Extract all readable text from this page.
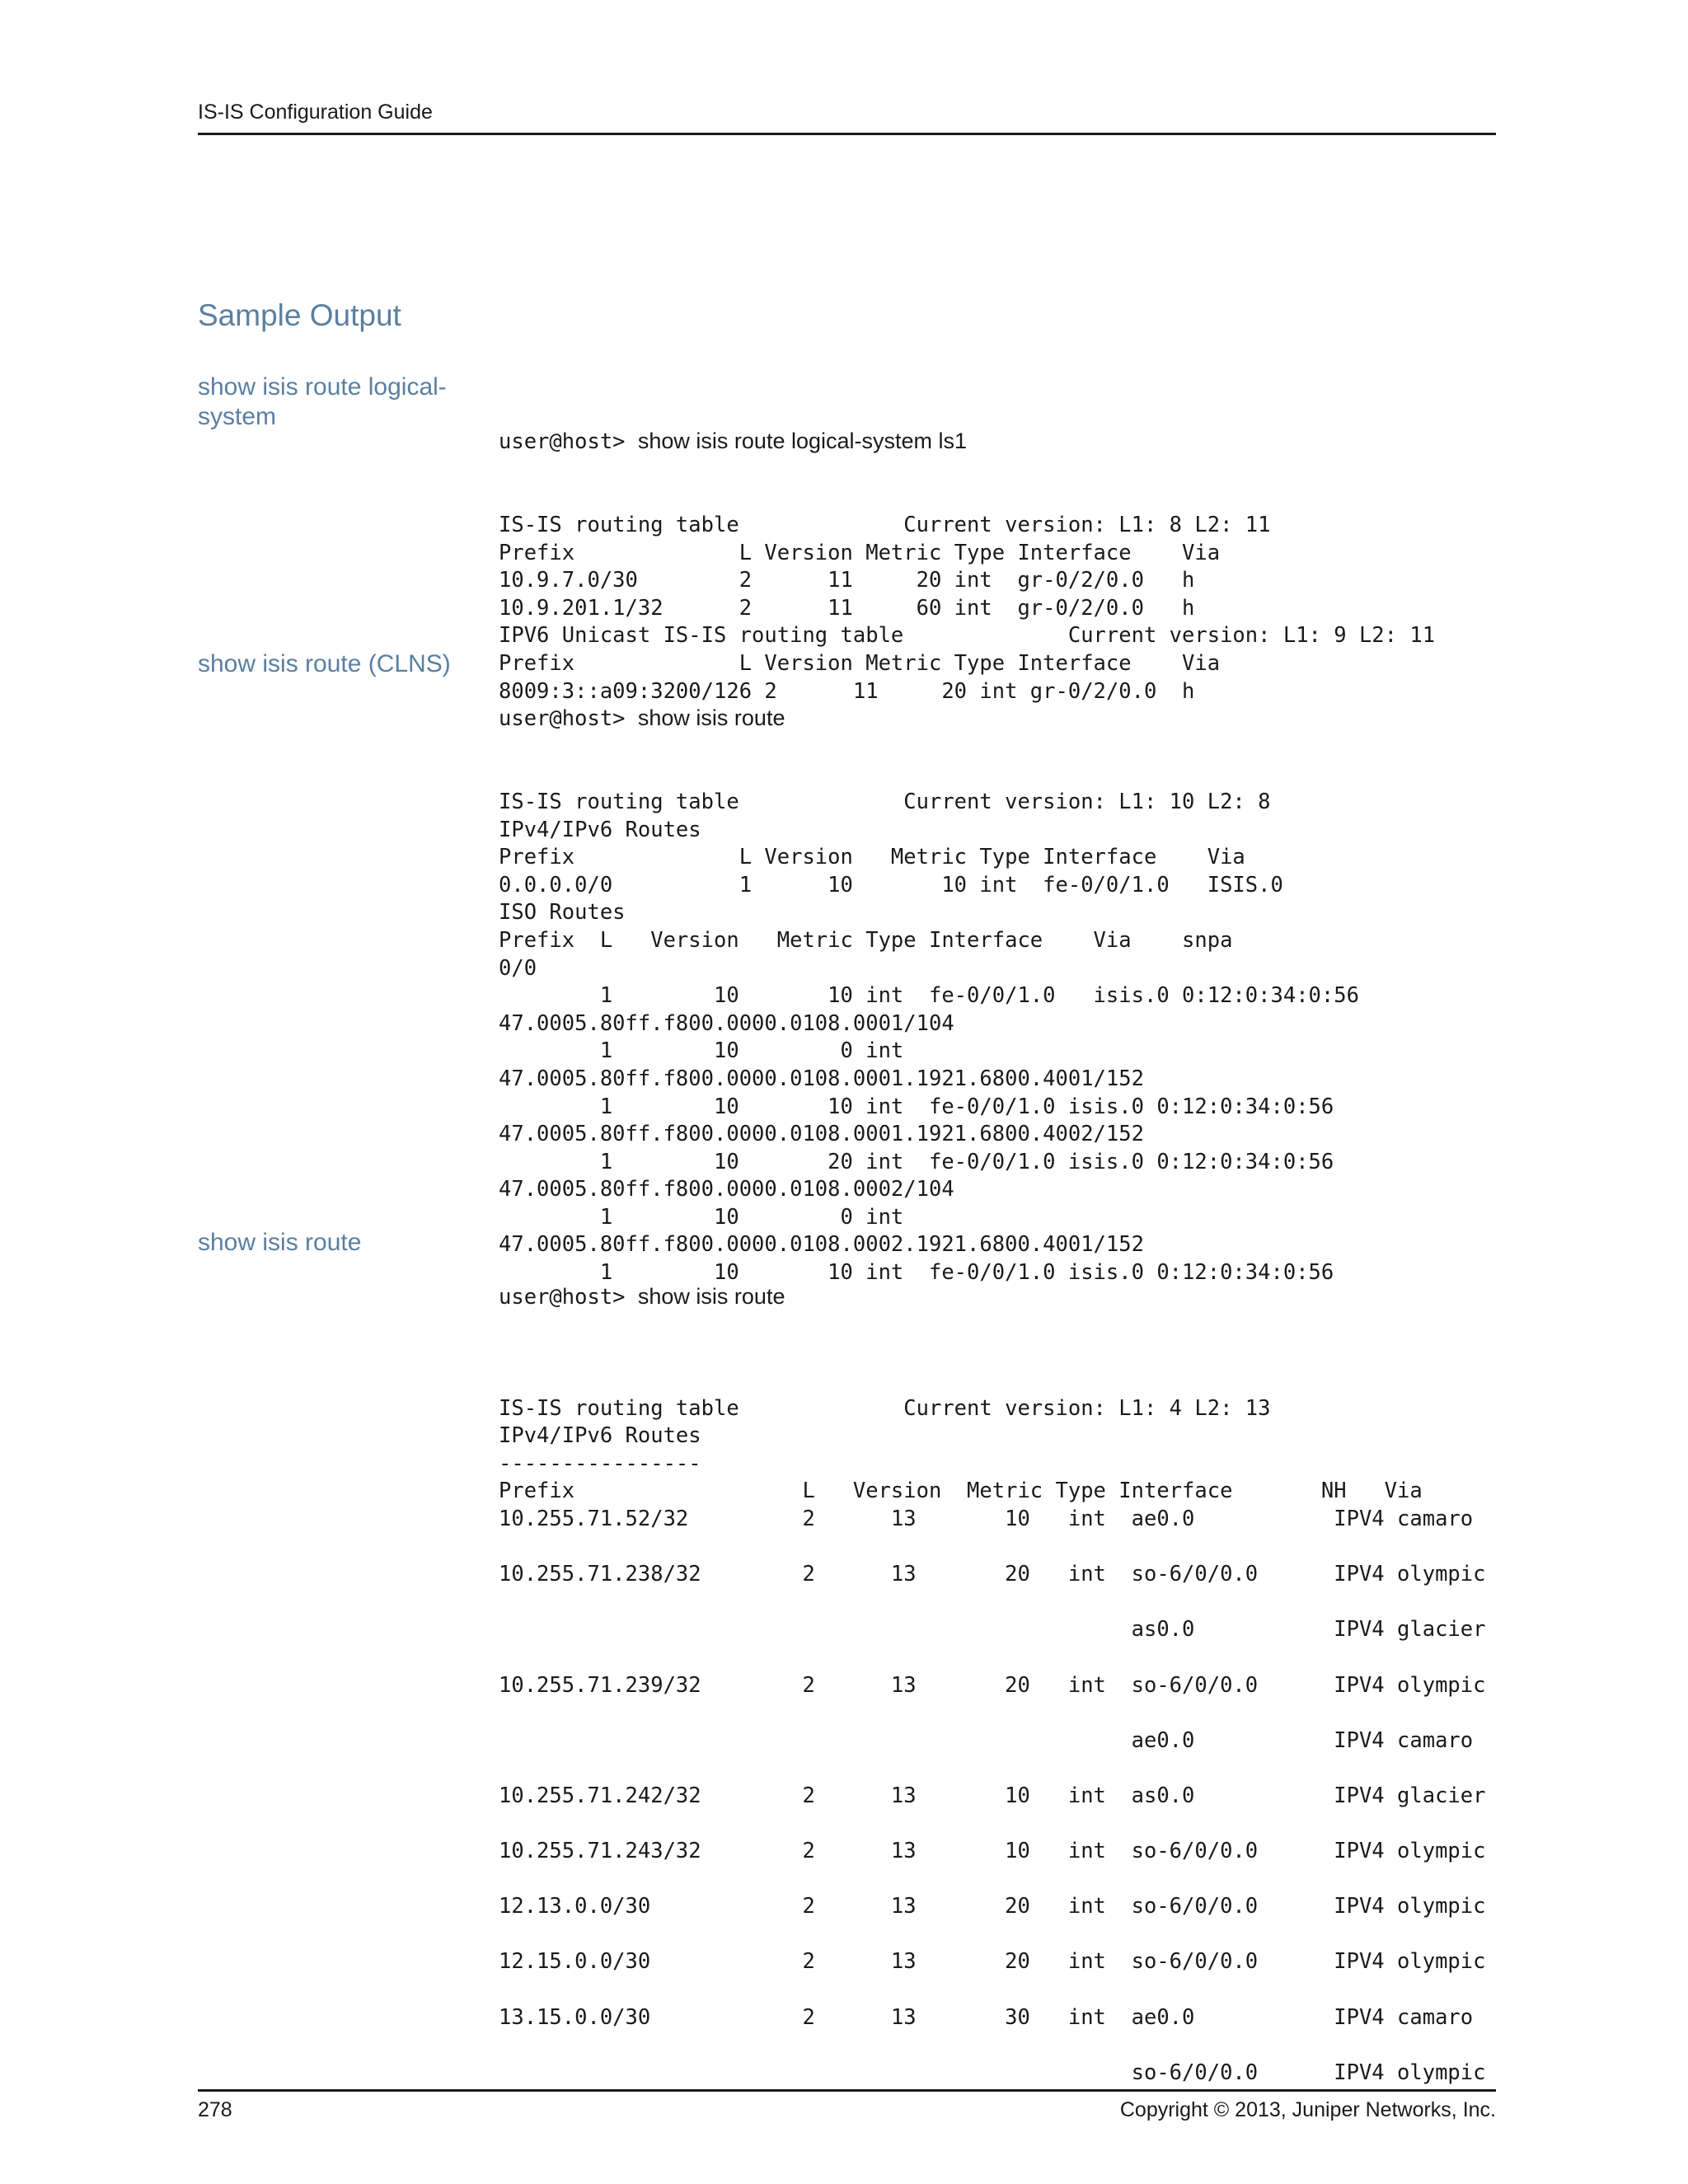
IS-IS Configuration Guide
Sample Output
show isis route logical-system

user@host> show isis route logical-system ls1

IS-IS routing table             Current version: L1: 8 L2: 11
Prefix             L Version Metric Type Interface    Via
10.9.7.0/30        2      11     20 int  gr-0/2/0.0   h
10.9.201.1/32      2      11     60 int  gr-0/2/0.0   h
IPV6 Unicast IS-IS routing table             Current version: L1: 9 L2: 11
Prefix             L Version Metric Type Interface    Via
8009:3::a09:3200/126 2      11     20 int gr-0/2/0.0  h

show isis route (CLNS)

user@host> show isis route

IS-IS routing table             Current version: L1: 10 L2: 8
IPv4/IPv6 Routes
Prefix             L Version   Metric Type Interface    Via
0.0.0.0/0          1      10       10 int  fe-0/0/1.0   ISIS.0
ISO Routes
Prefix  L   Version   Metric Type Interface    Via    snpa
0/0
1        10       10 int  fe-0/0/1.0   isis.0 0:12:0:34:0:56
47.0005.80ff.f800.0000.0108.0001/104
1        10        0 int
47.0005.80ff.f800.0000.0108.0001.1921.6800.4001/152
1        10       10 int  fe-0/0/1.0 isis.0 0:12:0:34:0:56
47.0005.80ff.f800.0000.0108.0001.1921.6800.4002/152
1        10       20 int  fe-0/0/1.0 isis.0 0:12:0:34:0:56
47.0005.80ff.f800.0000.0108.0002/104
1        10        0 int
47.0005.80ff.f800.0000.0108.0002.1921.6800.4001/152
1        10       10 int  fe-0/0/1.0 isis.0 0:12:0:34:0:56

show isis route

user@host> show isis route

IS-IS routing table             Current version: L1: 4 L2: 13
IPv4/IPv6 Routes
----------------
Prefix                  L   Version  Metric Type Interface       NH   Via
10.255.71.52/32         2      13       10   int  ae0.0           IPV4 camaro

10.255.71.238/32        2      13       20   int  so-6/0/0.0      IPV4 olympic

as0.0           IPV4 glacier

10.255.71.239/32        2      13       20   int  so-6/0/0.0      IPV4 olympic

ae0.0           IPV4 camaro

10.255.71.242/32        2      13       10   int  as0.0           IPV4 glacier

10.255.71.243/32        2      13       10   int  so-6/0/0.0      IPV4 olympic

12.13.0.0/30            2      13       20   int  so-6/0/0.0      IPV4 olympic

12.15.0.0/30            2      13       20   int  so-6/0/0.0      IPV4 olympic

13.15.0.0/30            2      13       30   int  ae0.0           IPV4 camaro

so-6/0/0.0      IPV4 olympic

278	Copyright © 2013, Juniper Networks, Inc.
